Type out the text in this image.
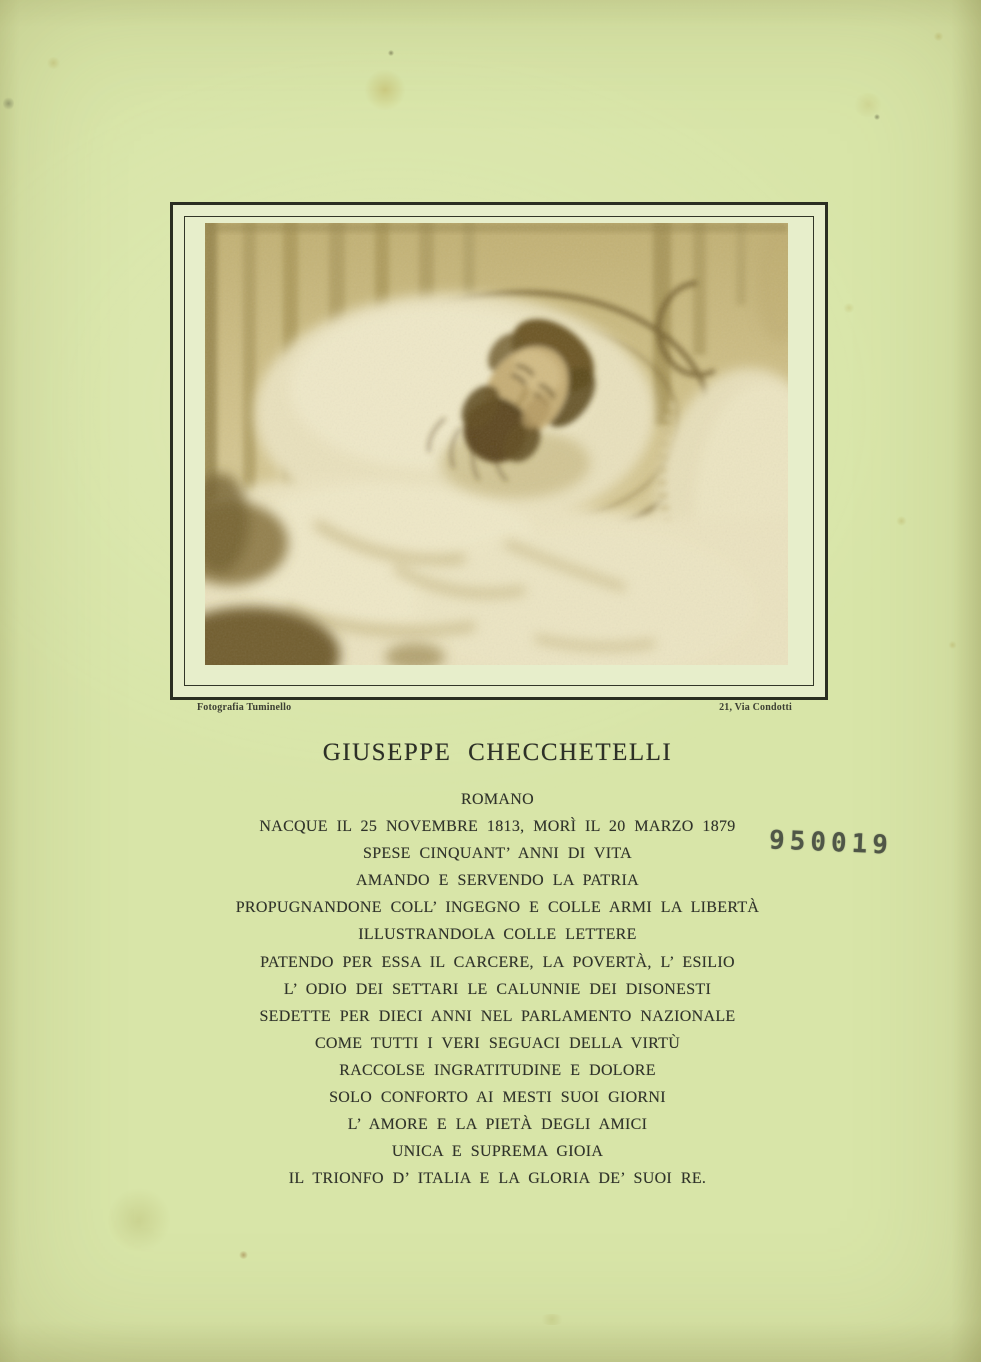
Fotografia Tuminello	21, Via Condotti
GIUSEPPE CHECCHETELLI
ROMANO
NACQUE IL 25 NOVEMBRE 1813, MORÌ IL 20 MARZO 1879
SPESE CINQUANT’ ANNI DI VITA
AMANDO E SERVENDO LA PATRIA
PROPUGNANDONE COLL’ INGEGNO E COLLE ARMI LA LIBERTÀ
ILLUSTRANDOLA COLLE LETTERE
PATENDO PER ESSA IL CARCERE, LA POVERTÀ, L’ ESILIO
L’ ODIO DEI SETTARI LE CALUNNIE DEI DISONESTI
SEDETTE PER DIECI ANNI NEL PARLAMENTO NAZIONALE
COME TUTTI I VERI SEGUACI DELLA VIRTÙ
RACCOLSE INGRATITUDINE E DOLORE
SOLO CONFORTO AI MESTI SUOI GIORNI
L’ AMORE E LA PIETÀ DEGLI AMICI
UNICA E SUPREMA GIOIA
IL TRIONFO D’ ITALIA E LA GLORIA DE’ SUOI RE.
950019
